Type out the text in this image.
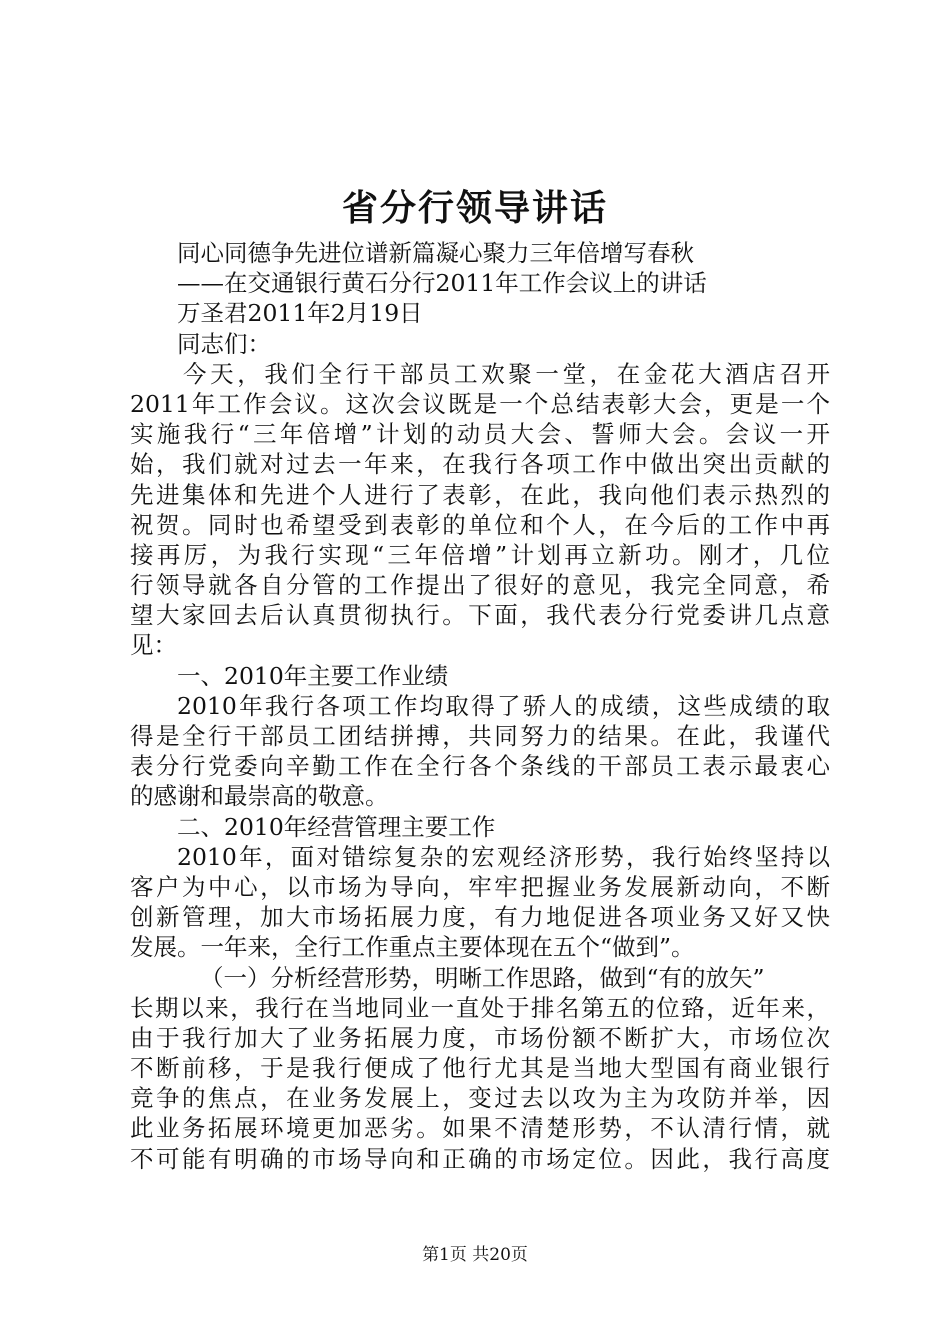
省分行领导讲话
同心同德争先进位谱新篇凝心聚力三年倍增写春秋
——在交通银行黄石分行2011年工作会议上的讲话
万圣君2011年2月19日
同志们：
今天，我们全行干部员工欢聚一堂，在金花大酒店召开
2011年工作会议。这次会议既是一个总结表彰大会，更是一个
实施我行“三年倍增”计划的动员大会、誓师大会。会议一开
始，我们就对过去一年来，在我行各项工作中做出突出贡献的
先进集体和先进个人进行了表彰，在此，我向他们表示热烈的
祝贺。同时也希望受到表彰的单位和个人，在今后的工作中再
接再厉，为我行实现“三年倍增”计划再立新功。刚才，几位
行领导就各自分管的工作提出了很好的意见，我完全同意，希
望大家回去后认真贯彻执行。下面，我代表分行党委讲几点意
见：
一、2010年主要工作业绩
2010年我行各项工作均取得了骄人的成绩，这些成绩的取
得是全行干部员工团结拼搏，共同努力的结果。在此，我谨代
表分行党委向辛勤工作在全行各个条线的干部员工表示最衷心
的感谢和最崇高的敬意。
二、2010年经营管理主要工作
2010年，面对错综复杂的宏观经济形势，我行始终坚持以
客户为中心，以市场为导向，牢牢把握业务发展新动向，不断
创新管理，加大市场拓展力度，有力地促进各项业务又好又快
发展。一年来，全行工作重点主要体现在五个“做到”。
（一）分析经营形势，明晰工作思路，做到“有的放矢”
长期以来，我行在当地同业一直处于排名第五的位臵，近年来，
由于我行加大了业务拓展力度，市场份额不断扩大，市场位次
不断前移，于是我行便成了他行尤其是当地大型国有商业银行
竞争的焦点，在业务发展上，变过去以攻为主为攻防并举，因
此业务拓展环境更加恶劣。如果不清楚形势，不认清行情，就
不可能有明确的市场导向和正确的市场定位。因此，我行高度
第1页 共20页
